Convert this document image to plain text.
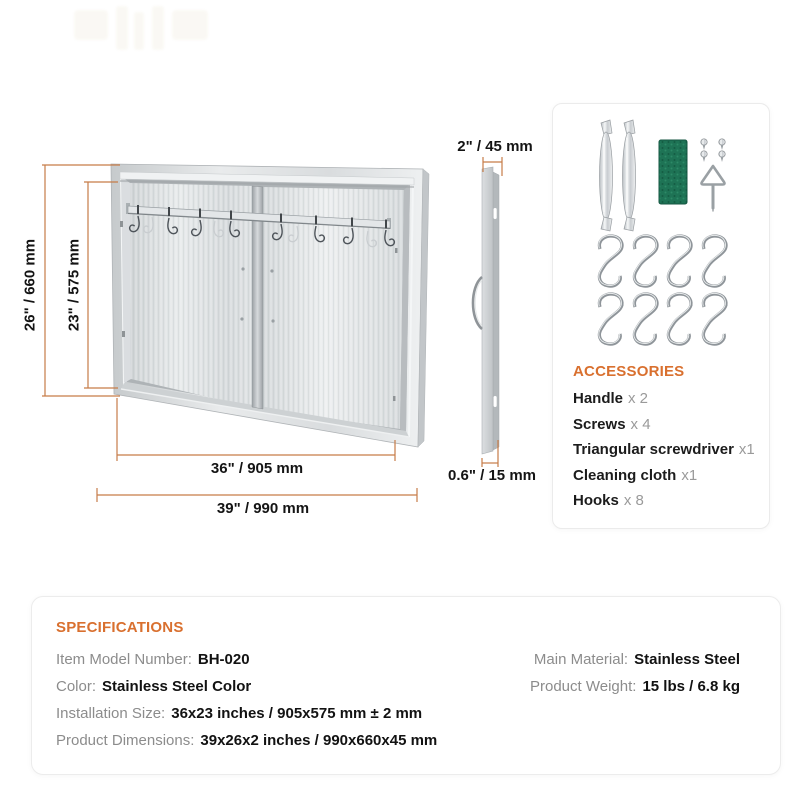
26" / 660 mm 23" / 575 mm
36" / 905 mm
39" / 990 mm
2" / 45 mm
0.6" / 15 mm
ACCESSORIES
Handle x 2
Screws x 4
Triangular screwdriver x1
Cleaning cloth x1
Hooks x 8
SPECIFICATIONS
Item Model Number: BH-020
Color: Stainless Steel Color
Installation Size: 36x23 inches / 905x575 mm ± 2 mm
Product Dimensions: 39x26x2 inches / 990x660x45 mm
Main Material: Stainless Steel
Product Weight: 15 lbs / 6.8 kg
